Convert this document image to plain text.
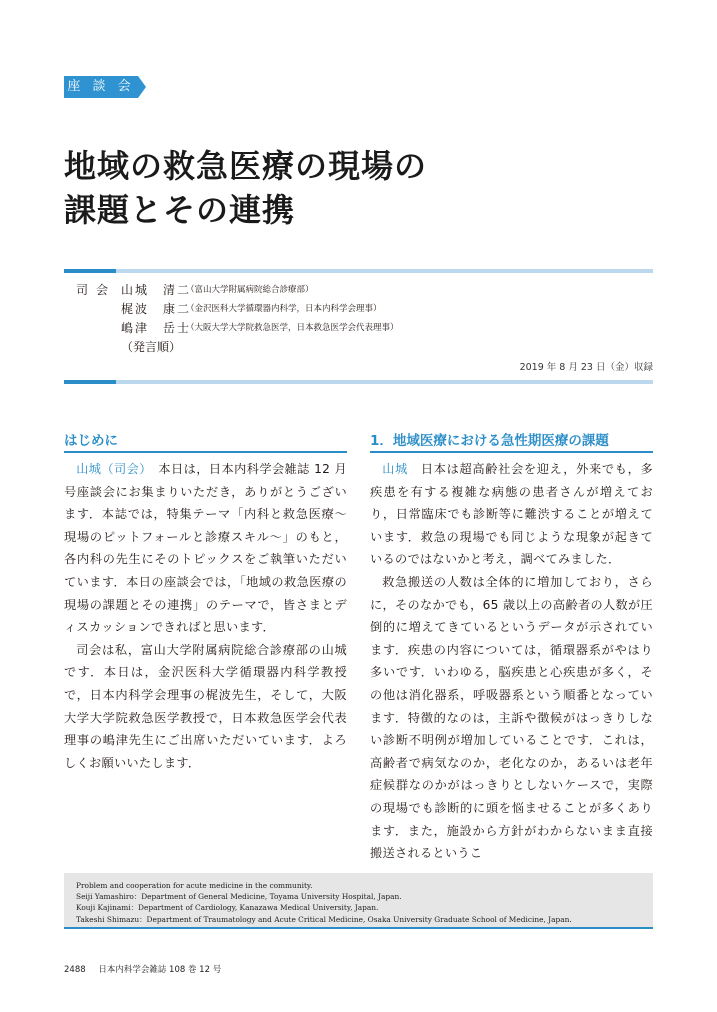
座 談 会
地域の救急医療の現場の
課題とその連携
司会 山城　清二
（富山大学附属病院総合診療部）
梶波　康二
（金沢医科大学循環器内科学，日本内科学会理事）
嶋津　岳士
（大阪大学大学院救急医学，日本救急医学会代表理事）
（発言順）
2019 年 8 月 23 日（金）収録
はじめに	1．地域医療における急性期医療の課題

山城（司会）　 本日は，日本内科学会雑誌 12 月号座談会にお集まりいただき，ありがとうございます．本誌では，特集テーマ「内科と救急医療～現場のピットフォールと診療スキル～」のもと，各内科の先生にそのトピックスをご執筆いただいています．本日の座談会では，「地域の救急医療の現場の課題とその連携」のテーマで，皆さまとディスカッションできればと思います．

司会は私，富山大学附属病院総合診療部の山城です．本日は，金沢医科大学循環器内科学教授で，日本内科学会理事の梶波先生，そして，大阪大学大学院救急医学教授で，日本救急医学会代表理事の嶋津先生にご出席いただいています．よろしくお願いいたします．

山城　 日本は超高齢社会を迎え，外来でも，多疾患を有する複雑な病態の患者さんが増えており，日常臨床でも診断等に難渋することが増えています．救急の現場でも同じような現象が起きているのではないかと考え，調べてみました．

救急搬送の人数は全体的に増加しており，さらに，そのなかでも，65 歳以上の高齢者の人数が圧倒的に増えてきているというデータが示されています．疾患の内容については，循環器系がやはり多いです．いわゆる，脳疾患と心疾患が多く，その他は消化器系，呼吸器系という順番となっています．特徴的なのは，主訴や徴候がはっきりしない診断不明例が増加していることです．これは，高齢者で病気なのか，老化なのか，あるいは老年症候群なのかがはっきりとしないケースで，実際の現場でも診断的に頭を悩ませることが多くあります．また，施設から方針がわからないまま直接搬送されるというこ

Problem and cooperation for acute medicine in the community.
Seiji Yamashiro：Department of General Medicine, Toyama University Hospital, Japan.
Kouji Kajinami：Department of Cardiology, Kanazawa Medical University, Japan.
Takeshi Shimazu：Department of Traumatology and Acute Critical Medicine, Osaka University Graduate School of Medicine, Japan.
2488 日本内科学会雑誌 108 巻 12 号
